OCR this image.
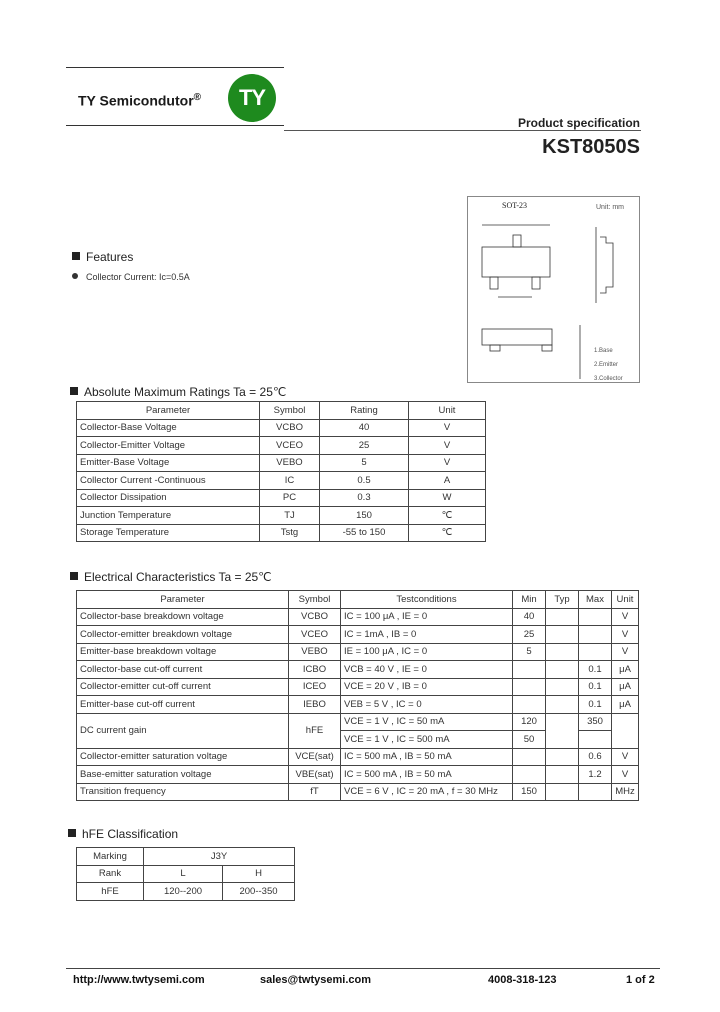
TY Semicondutor®	TY
Product specification
KST8050S
SOT-23	Unit: mm
1.Base
2.Emitter
3.Collector
Features
Collector Current: Ic=0.5A
Absolute Maximum Ratings Ta = 25℃
Parameter	Symbol	Rating	Unit
Collector-Base Voltage	VCBO	40	V
Collector-Emitter Voltage	VCEO	25	V
Emitter-Base Voltage	VEBO	5	V
Collector Current -Continuous	IC	0.5	A
Collector Dissipation	PC	0.3	W
Junction Temperature	TJ	150	℃
Storage Temperature	Tstg	-55 to 150	℃
Electrical Characteristics Ta = 25℃
Parameter	Symbol	Testconditions	Min	Typ	Max	Unit
Collector-base breakdown voltage	VCBO	IC = 100 μA , IE = 0	40			V
Collector-emitter breakdown voltage	VCEO	IC = 1mA , IB = 0	25			V
Emitter-base breakdown voltage	VEBO	IE = 100 μA , IC = 0	5			V
Collector-base cut-off current	ICBO	VCB = 40 V , IE = 0			0.1	μA
Collector-emitter cut-off current	ICEO	VCE = 20 V , IB = 0			0.1	μA
Emitter-base cut-off current	IEBO	VEB = 5 V , IC = 0			0.1	μA
DC current gain	hFE	VCE = 1 V , IC = 50 mA	120		350	
		VCE = 1 V , IC = 500 mA	50			
Collector-emitter saturation voltage	VCE(sat)	IC = 500 mA , IB = 50 mA			0.6	V
Base-emitter saturation voltage	VBE(sat)	IC = 500 mA , IB = 50 mA			1.2	V
Transition frequency	fT	VCE = 6 V , IC = 20 mA , f = 30 MHz	150			MHz
hFE Classification
Marking	J3Y	
Rank	L	H
hFE	120--200	200--350
http://www.twtysemi.com	sales@twtysemi.com	4008-318-123	1 of 2
